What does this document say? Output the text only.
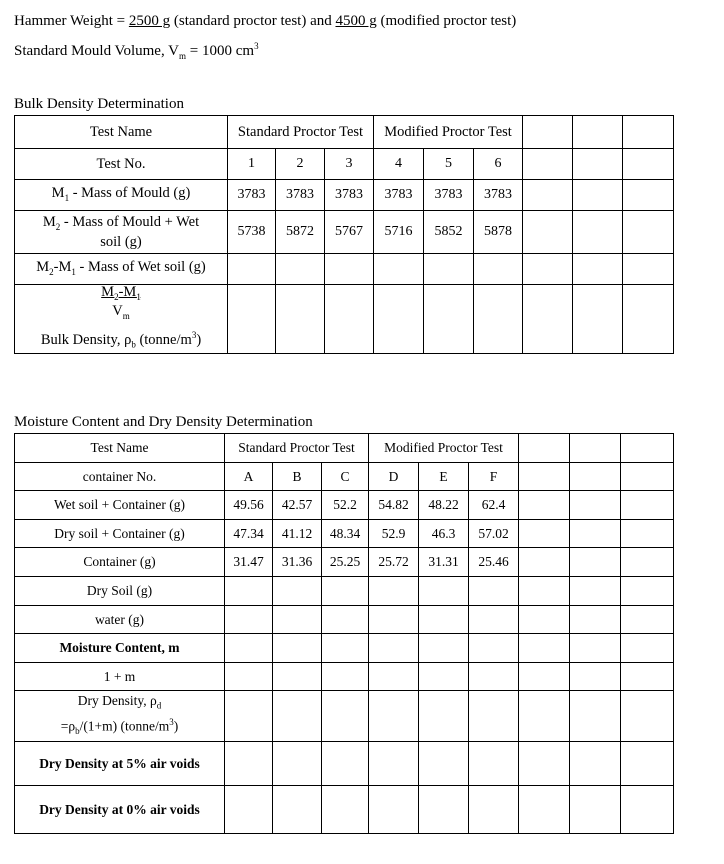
Hammer Weight = 2500 g (standard proctor test) and 4500 g (modified proctor test)
Standard Mould Volume, $V_m = 1000$ $cm^3$
Bulk Density Determination
Test Name	Standard Proctor Test			Modified Proctor Test					
Test No.	1	2	3	4	5	6			
$M_1$ - Mass of Mould (g)	3783	3783	3783	3783	3783	3783			
$M_2$ - Mass of Mould + Wet soil (g)	5738	5872	5767	5716	5852	5878			
$M_2-M_1$ - Mass of Wet soil (g)									

$\frac{M_2-M_1}{V_m}$
Bulk Density, $\rho_b$ $(tonne/m^3)$									

Moisture Content and Dry Density Determination
Test Name	Standard Proctor Test			Modified Proctor Test					
container No.	A	B	C	D	E	F			
Wet soil + Container (g)	49.56	42.57	52.2	54.82	48.22	62.4			
Dry soil + Container (g)	47.34	41.12	48.34	52.9	46.3	57.02			
Container (g)	31.47	31.36	25.25	25.72	31.31	25.46			
Dry Soil (g)									
water (g)									
Moisture Content, m									
1 + m									

Dry Density, $\rho_d$
$=\rho_b/(1+m)$ $(tonne/m^3)$									

Dry Density at 5% air voids									
Dry Density at 0% air voids									
